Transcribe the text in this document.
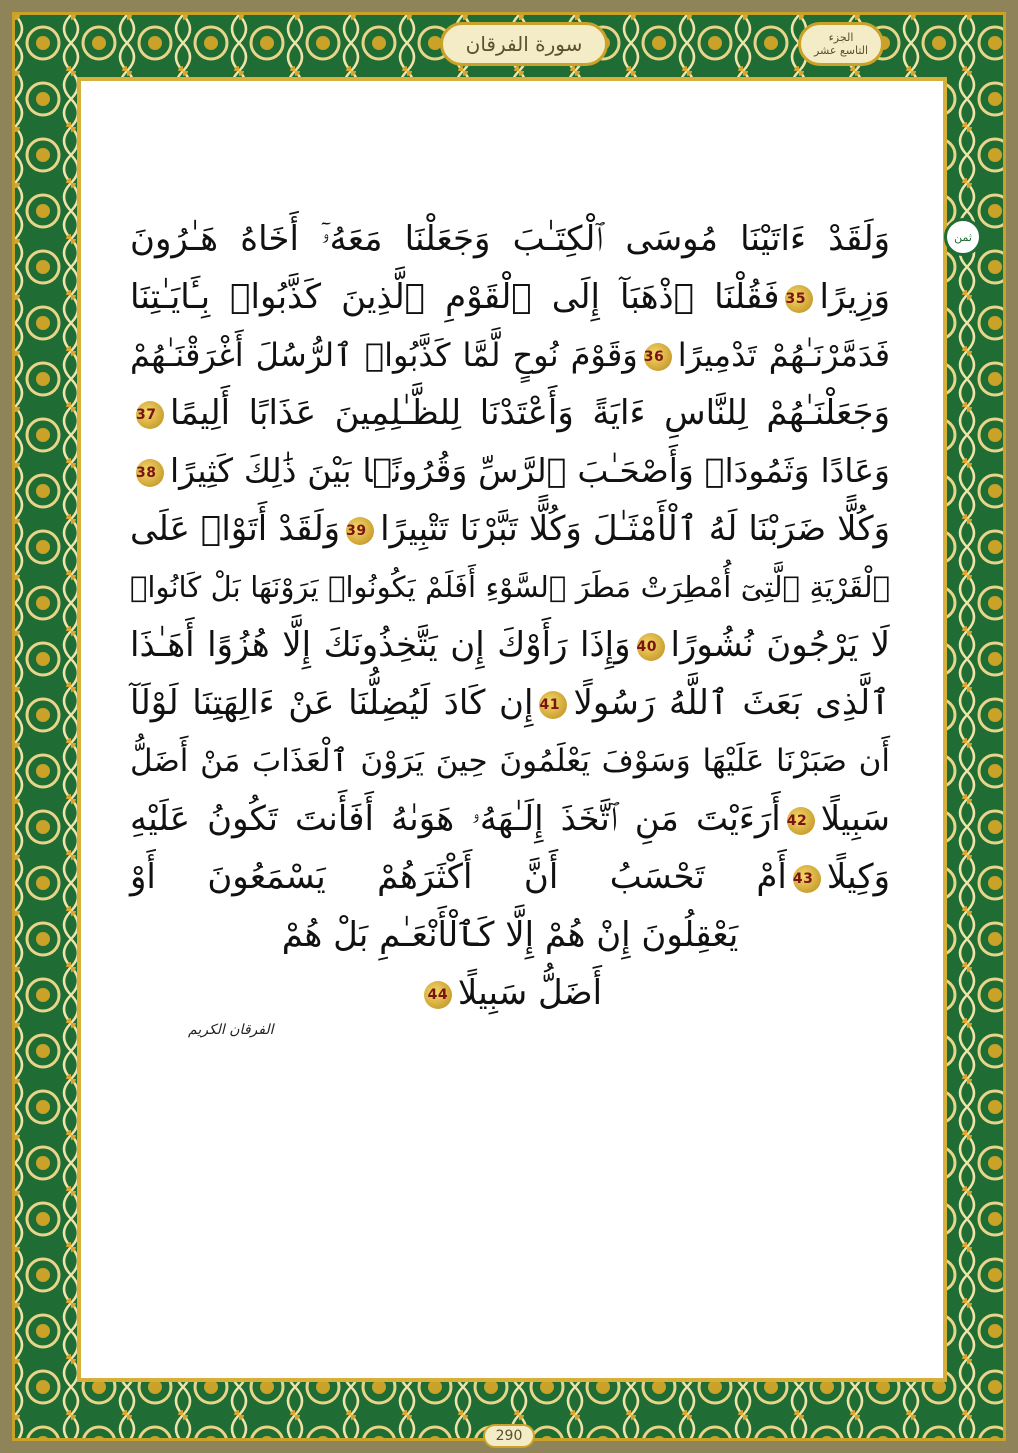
سورة الفرقان	الجزء
التاسع عشر
ثمن
وَلَقَدْ ءَاتَيْنَا مُوسَى ٱلْكِتَـٰبَ وَجَعَلْنَا مَعَهُۥٓ أَخَاهُ هَـٰرُونَ
وَزِيرًا35فَقُلْنَا ٱذْهَبَآ إِلَى ٱلْقَوْمِ ٱلَّذِينَ كَذَّبُوا۟ بِـَٔايَـٰتِنَا
فَدَمَّرْنَـٰهُمْ تَدْمِيرًا36وَقَوْمَ نُوحٍ لَّمَّا كَذَّبُوا۟ ٱلرُّسُلَ أَغْرَقْنَـٰهُمْ
وَجَعَلْنَـٰهُمْ لِلنَّاسِ ءَايَةً وَأَعْتَدْنَا لِلظَّـٰلِمِينَ عَذَابًا أَلِيمًا37
وَعَادًا وَثَمُودَا۟ وَأَصْحَـٰبَ ٱلرَّسِّ وَقُرُونًۢا بَيْنَ ذَٰلِكَ كَثِيرًا38
وَكُلًّا ضَرَبْنَا لَهُ ٱلْأَمْثَـٰلَ وَكُلًّا تَبَّرْنَا تَتْبِيرًا39وَلَقَدْ أَتَوْا۟ عَلَى
ٱلْقَرْيَةِ ٱلَّتِىٓ أُمْطِرَتْ مَطَرَ ٱلسَّوْءِ أَفَلَمْ يَكُونُوا۟ يَرَوْنَهَا بَلْ كَانُوا۟
لَا يَرْجُونَ نُشُورًا40وَإِذَا رَأَوْكَ إِن يَتَّخِذُونَكَ إِلَّا هُزُوًا أَهَـٰذَا
ٱلَّذِى بَعَثَ ٱللَّهُ رَسُولًا41إِن كَادَ لَيُضِلُّنَا عَنْ ءَالِهَتِنَا لَوْلَآ
أَن صَبَرْنَا عَلَيْهَا وَسَوْفَ يَعْلَمُونَ حِينَ يَرَوْنَ ٱلْعَذَابَ مَنْ أَضَلُّ
سَبِيلًا42أَرَءَيْتَ مَنِ ٱتَّخَذَ إِلَـٰهَهُۥ هَوَىٰهُ أَفَأَنتَ تَكُونُ عَلَيْهِ
وَكِيلًا43أَمْ تَحْسَبُ أَنَّ أَكْثَرَهُمْ يَسْمَعُونَ أَوْ
يَعْقِلُونَ إِنْ هُمْ إِلَّا كَٱلْأَنْعَـٰمِ بَلْ هُمْ
أَضَلُّ سَبِيلًا44
الفرقان الكريم
290
